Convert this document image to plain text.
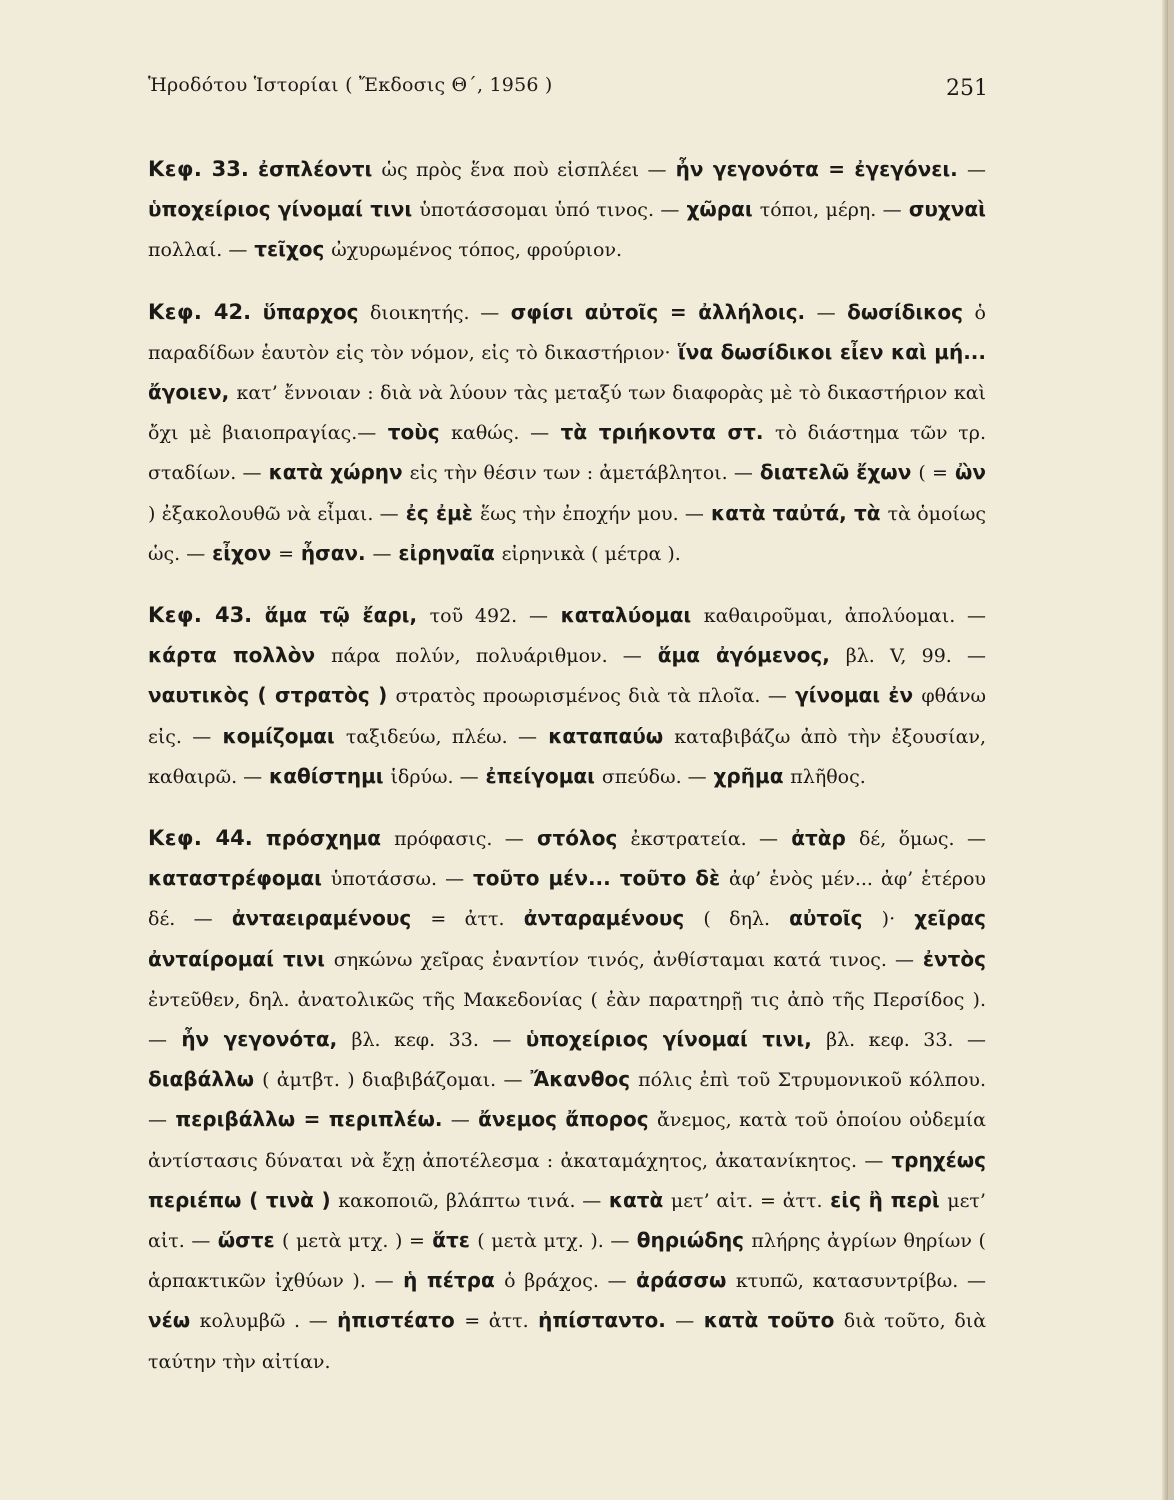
Ἡροδότου Ἱστορίαι ( Ἔκδοσις Θ΄, 1956 )	251

Κεφ. 33. ἐσπλέοντι ὡς πρὸς ἕνα ποὺ εἰσπλέει — ἦν γεγονότα = ἐγεγόνει. — ὑποχείριος γίνομαί τινι ὑποτάσσομαι ὑπό τινος. — χῶραι τόποι, μέρη. — συχναὶ πολλαί. — τεῖχος ὠχυρωμένος τόπος, φρούριον.

Κεφ. 42. ὕπαρχος διοικητής. — σφίσι αὐτοῖς = ἀλλήλοις. — δωσίδικος ὁ παραδίδων ἑαυτὸν εἰς τὸν νόμον, εἰς τὸ δικαστήριον· ἵνα δωσίδικοι εἶεν καὶ μή... ἄγοιεν, κατ’ ἔννοιαν : διὰ νὰ λύουν τὰς μεταξύ των διαφορὰς μὲ τὸ δικαστήριον καὶ ὄχι μὲ βιαιοπραγίας.— τοὺς καθώς. — τὰ τριήκοντα στ. τὸ διάστημα τῶν τρ. σταδίων. — κατὰ χώρην εἰς τὴν θέσιν των : ἀμετάβλητοι. — διατελῶ ἔχων ( = ὢν ) ἐξακολουθῶ νὰ εἶμαι. — ἐς ἐμὲ ἕως τὴν ἐποχήν μου. — κατὰ ταὐτά, τὰ τὰ ὁμοίως ὡς. — εἶχον = ἦσαν. — εἰρηναῖα εἰρηνικὰ ( μέτρα ).

Κεφ. 43. ἅμα τῷ ἔαρι, τοῦ 492. — καταλύομαι καθαιροῦμαι, ἀπολύομαι. — κάρτα πολλὸν πάρα πολύν, πολυάριθμον. — ἅμα ἀγόμενος, βλ. V, 99. — ναυτικὸς ( στρατὸς ) στρατὸς προωρισμένος διὰ τὰ πλοῖα. — γίνομαι ἐν φθάνω εἰς. — κομίζομαι ταξιδεύω, πλέω. — καταπαύω καταβιβάζω ἀπὸ τὴν ἐξουσίαν, καθαιρῶ. — καθίστημι ἱδρύω. — ἐπείγομαι σπεύδω. — χρῆμα πλῆθος.

Κεφ. 44. πρόσχημα πρόφασις. — στόλος ἐκστρατεία. — ἀτὰρ δέ, ὅμως. — καταστρέφομαι ὑποτάσσω. — τοῦτο μέν... τοῦτο δὲ ἀφ’ ἑνὸς μέν... ἀφ’ ἑτέρου δέ. — ἀνταειραμένους = ἀττ. ἀνταραμένους ( δηλ. αὐτοῖς )· χεῖρας ἀνταίρομαί τινι σηκώνω χεῖρας ἐναντίον τινός, ἀνθίσταμαι κατά τινος. — ἐντὸς ἐντεῦθεν, δηλ. ἀνατολικῶς τῆς Μακεδονίας ( ἐὰν παρατηρῇ τις ἀπὸ τῆς Περσίδος ). — ἦν γεγονότα, βλ. κεφ. 33. — ὑποχείριος γίνομαί τινι, βλ. κεφ. 33. — διαβάλλω ( ἀμτβτ. ) διαβιβάζομαι. — Ἄκανθος πόλις ἐπὶ τοῦ Στρυμονικοῦ κόλπου. — περιβάλλω = περιπλέω. — ἄνεμος ἄπορος ἄνεμος, κατὰ τοῦ ὁποίου οὐδεμία ἀντίστασις δύναται νὰ ἔχῃ ἀποτέλεσμα : ἀκαταμάχητος, ἀκατανίκητος. — τρηχέως περιέπω ( τινὰ ) κακοποιῶ, βλάπτω τινά. — κατὰ μετ’ αἰτ. = ἀττ. εἰς ἢ περὶ μετ’ αἰτ. — ὥστε ( μετὰ μτχ. ) = ἅτε ( μετὰ μτχ. ). — θηριώδης πλήρης ἀγρίων θηρίων ( ἁρπακτικῶν ἰχθύων ). — ἡ πέτρα ὁ βράχος. — ἀράσσω κτυπῶ, κατασυντρίβω. — νέω κολυμβῶ . — ἠπιστέατο = ἀττ. ἠπίσταντο. — κατὰ τοῦτο διὰ τοῦτο, διὰ ταύτην τὴν αἰτίαν.
